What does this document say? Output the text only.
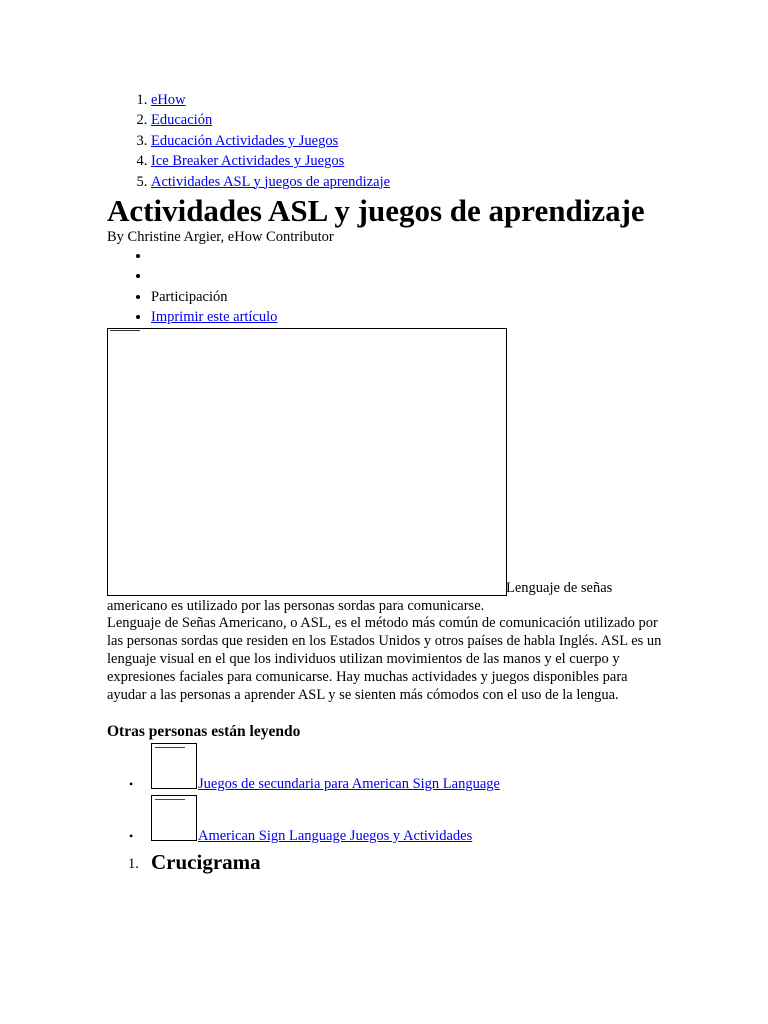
1. eHow
2. Educación
3. Educación Actividades y Juegos
4. Ice Breaker Actividades y Juegos
5. Actividades ASL y juegos de aprendizaje
Actividades ASL y juegos de aprendizaje
By Christine Argier, eHow Contributor
•
•
• Participación
• Imprimir este artículo
Lenguaje de señas
americano es utilizado por las personas sordas para comunicarse.

Lenguaje de Señas Americano, o ASL, es el método más común de comunicación utilizado por las personas sordas que residen en los Estados Unidos y otros países de habla Inglés. ASL es un lenguaje visual en el que los individuos utilizan movimientos de las manos y el cuerpo y expresiones faciales para comunicarse. Hay muchas actividades y juegos disponibles para ayudar a las personas a aprender ASL y se sienten más cómodos con el uso de la lengua.

Otras personas están leyendo
•	Juegos de secundaria para American Sign Language
•	American Sign Language Juegos y Actividades
1. Crucigrama
